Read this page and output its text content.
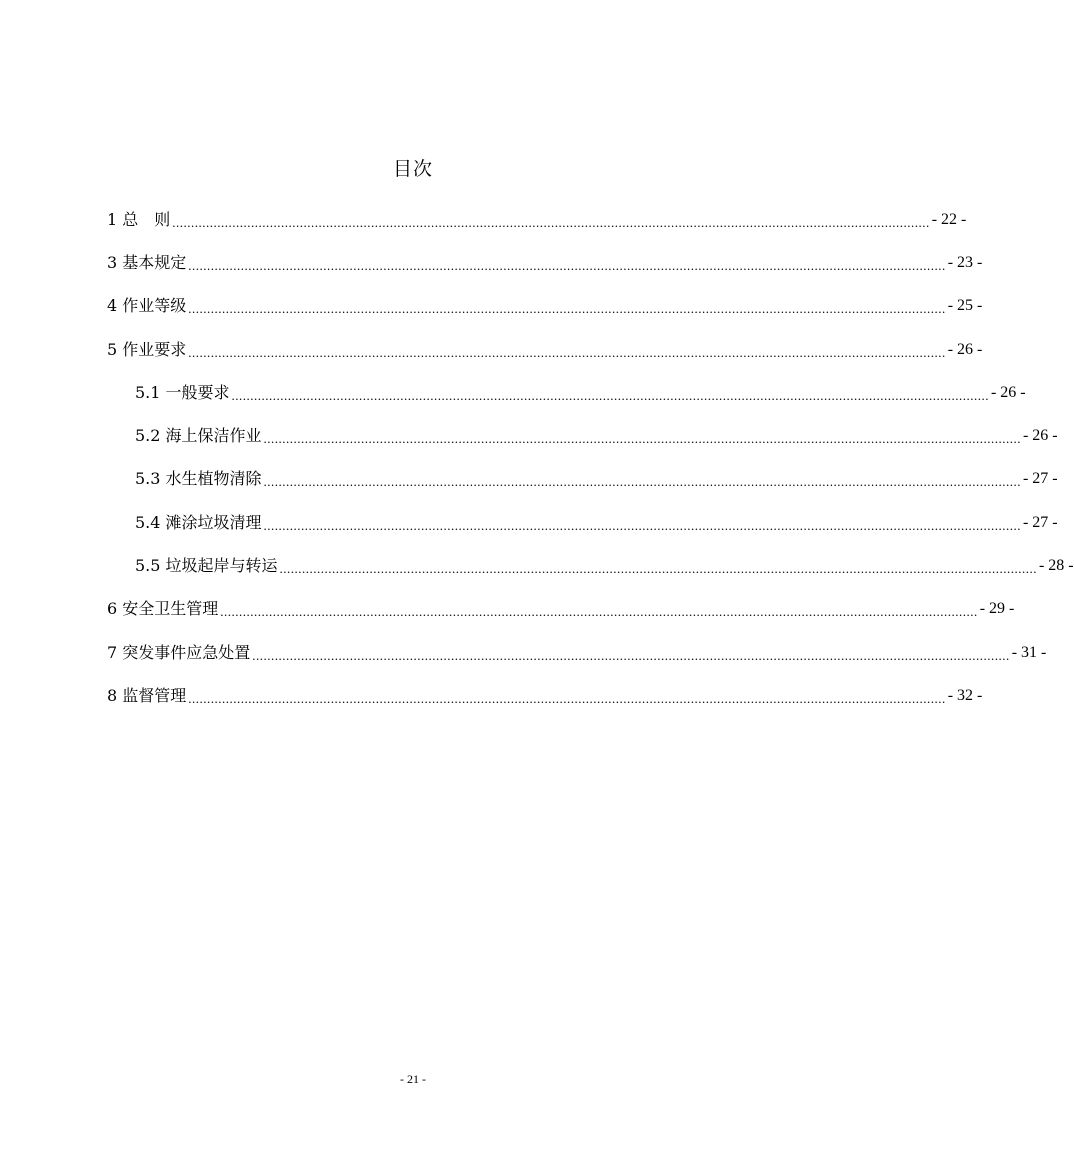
目次
1 总　则 .......................................................................................................................................................................................................... - 22 -
3 基本规定 .......................................................................................................................................................................................................... - 23 -
4 作业等级 .......................................................................................................................................................................................................... - 25 -
5 作业要求 .......................................................................................................................................................................................................... - 26 -
5.1 一般要求 .......................................................................................................................................................................................................... - 26 -
5.2 海上保洁作业 .......................................................................................................................................................................................................... - 26 -
5.3 水生植物清除 .......................................................................................................................................................................................................... - 27 -
5.4 滩涂垃圾清理 .......................................................................................................................................................................................................... - 27 -
5.5 垃圾起岸与转运 .......................................................................................................................................................................................................... - 28 -
6 安全卫生管理 .......................................................................................................................................................................................................... - 29 -
7 突发事件应急处置 .......................................................................................................................................................................................................... - 31 -
8 监督管理 .......................................................................................................................................................................................................... - 32 -
- 21 -
